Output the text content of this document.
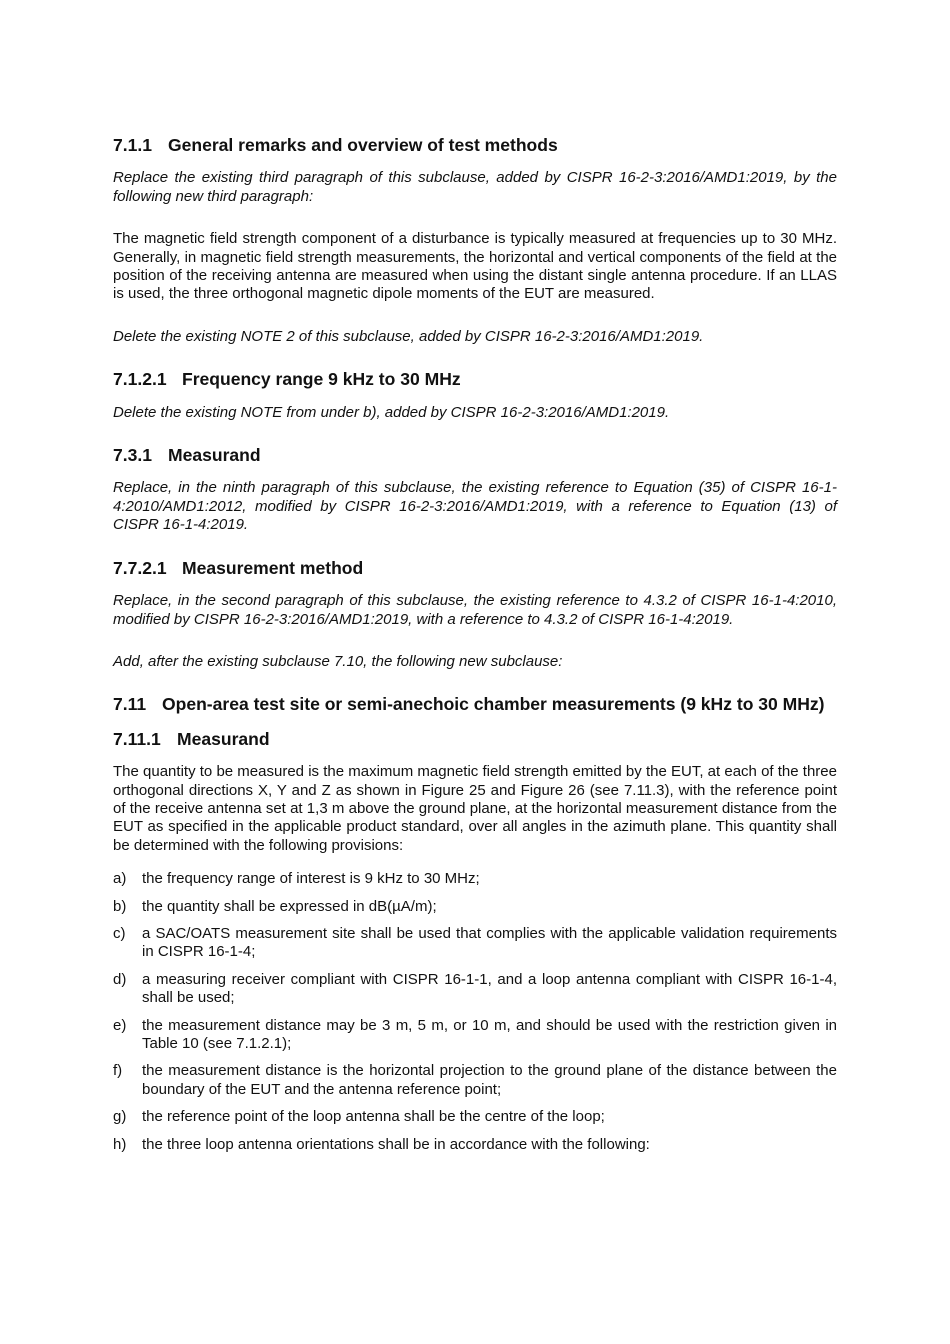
7.1.1 General remarks and overview of test methods

Replace the existing third paragraph of this subclause, added by CISPR 16-2-3:2016/AMD1:2019, by the following new third paragraph:

The magnetic field strength component of a disturbance is typically measured at frequencies up to 30 MHz. Generally, in magnetic field strength measurements, the horizontal and vertical components of the field at the position of the receiving antenna are measured when using the distant single antenna procedure. If an LLAS is used, the three orthogonal magnetic dipole moments of the EUT are measured.

Delete the existing NOTE 2 of this subclause, added by CISPR 16-2-3:2016/AMD1:2019.

7.1.2.1 Frequency range 9 kHz to 30 MHz

Delete the existing NOTE from under b), added by CISPR 16-2-3:2016/AMD1:2019.

7.3.1 Measurand

Replace, in the ninth paragraph of this subclause, the existing reference to Equation (35) of CISPR 16-1-4:2010/AMD1:2012, modified by CISPR 16-2-3:2016/AMD1:2019, with a reference to Equation (13) of CISPR 16-1-4:2019.

7.7.2.1 Measurement method

Replace, in the second paragraph of this subclause, the existing reference to 4.3.2 of CISPR 16-1-4:2010, modified by CISPR 16-2-3:2016/AMD1:2019, with a reference to 4.3.2 of CISPR 16-1-4:2019.

Add, after the existing subclause 7.10, the following new subclause:

7.11 Open-area test site or semi-anechoic chamber measurements (9 kHz to 30 MHz)
7.11.1 Measurand

The quantity to be measured is the maximum magnetic field strength emitted by the EUT, at each of the three orthogonal directions X, Y and Z as shown in Figure 25 and Figure 26 (see 7.11.3), with the reference point of the receive antenna set at 1,3 m above the ground plane, at the horizontal measurement distance from the EUT as specified in the applicable product standard, over all angles in the azimuth plane. This quantity shall be determined with the following provisions:

a) the frequency range of interest is 9 kHz to 30 MHz;
b) the quantity shall be expressed in dB(µA/m);
c) a SAC/OATS measurement site shall be used that complies with the applicable validation requirements in CISPR 16-1-4;
d) a measuring receiver compliant with CISPR 16-1-1, and a loop antenna compliant with CISPR 16-1-4, shall be used;
e) the measurement distance may be 3 m, 5 m, or 10 m, and should be used with the restriction given in Table 10 (see 7.1.2.1);
f) the measurement distance is the horizontal projection to the ground plane of the distance between the boundary of the EUT and the antenna reference point;
g) the reference point of the loop antenna shall be the centre of the loop;
h) the three loop antenna orientations shall be in accordance with the following:
